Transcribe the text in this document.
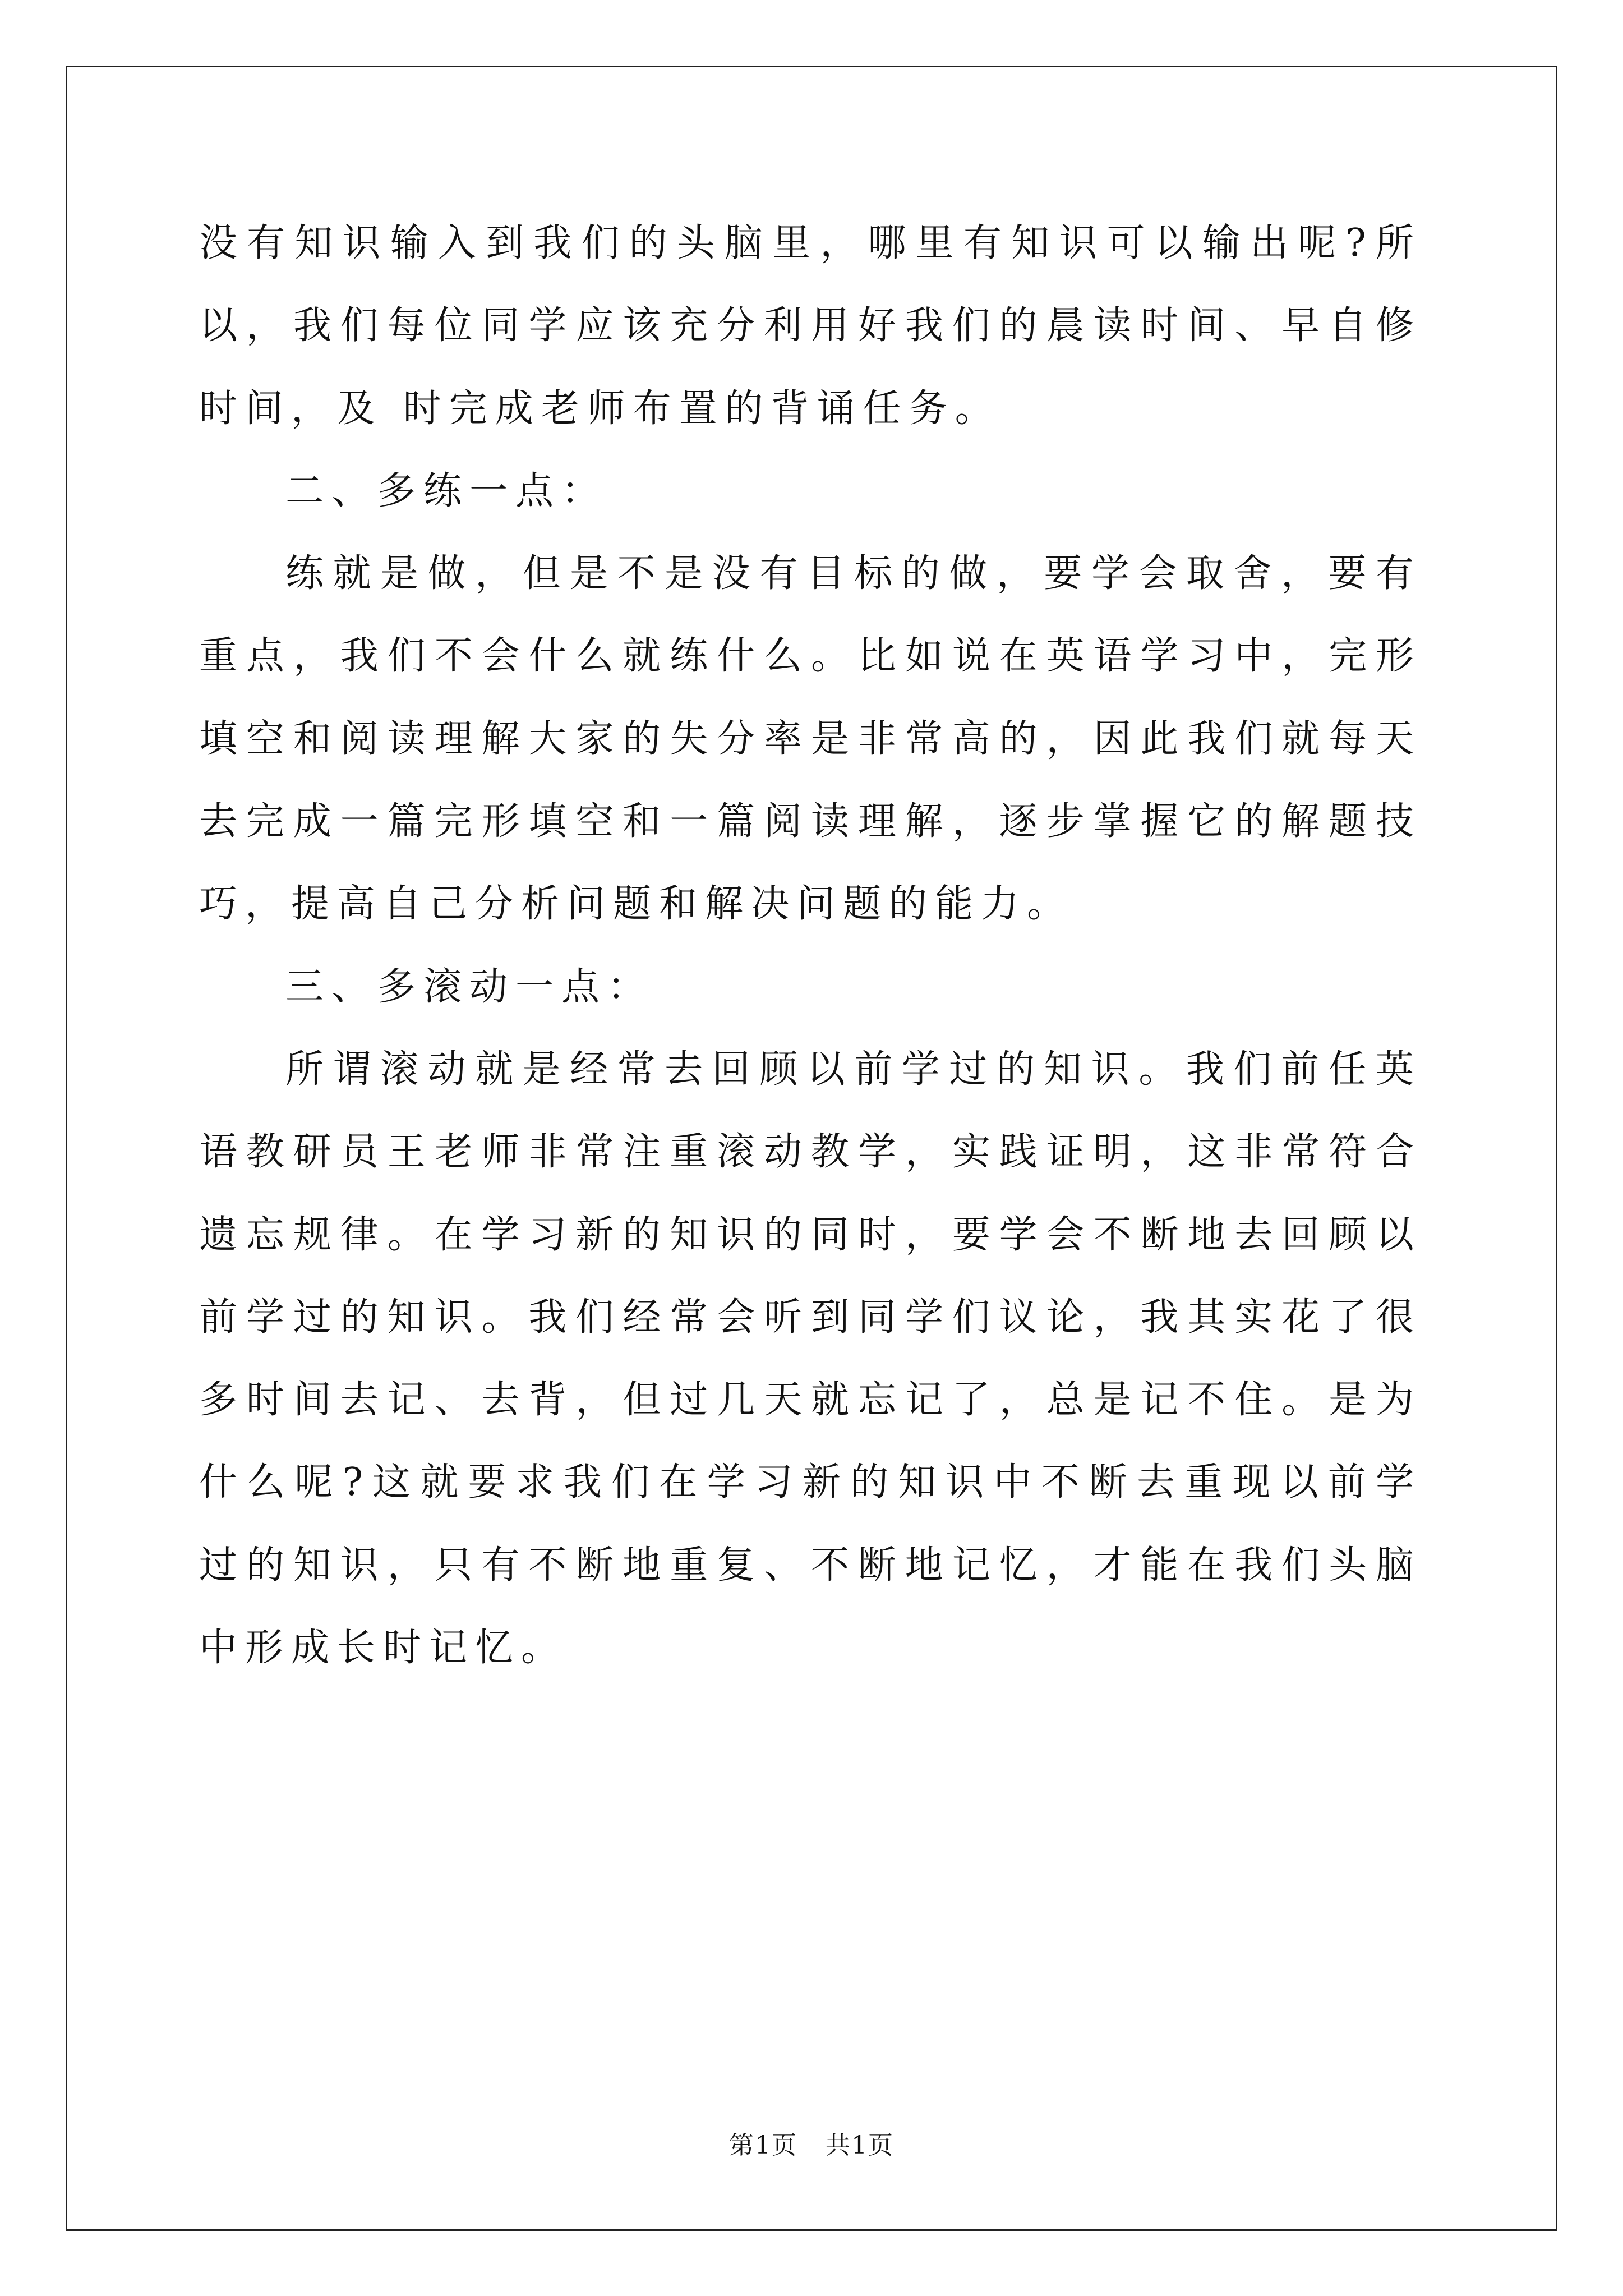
没有知识输入到我们的头脑里，哪里有知识可以输出呢?所以，我们每位同学应该充分利用好我们的晨读时间、早自修时间，及 时完成老师布置的背诵任务。

二、多练一点：

练就是做，但是不是没有目标的做，要学会取舍，要有重点，我们不会什么就练什么。比如说在英语学习中，完形填空和阅读理解大家的失分率是非常高的，因此我们就每天去完成一篇完形填空和一篇阅读理解，逐步掌握它的解题技巧，提高自己分析问题和解决问题的能力。

三、多滚动一点：

所谓滚动就是经常去回顾以前学过的知识。我们前任英语教研员王老师非常注重滚动教学，实践证明，这非常符合遗忘规律。在学习新的知识的同时，要学会不断地去回顾以前学过的知识。我们经常会听到同学们议论，我其实花了很多时间去记、去背，但过几天就忘记了，总是记不住。是为什么呢?这就要求我们在学习新的知识中不断去重现以前学过的知识，只有不断地重复、不断地记忆，才能在我们头脑中形成长时记忆。

第1页 共1页
